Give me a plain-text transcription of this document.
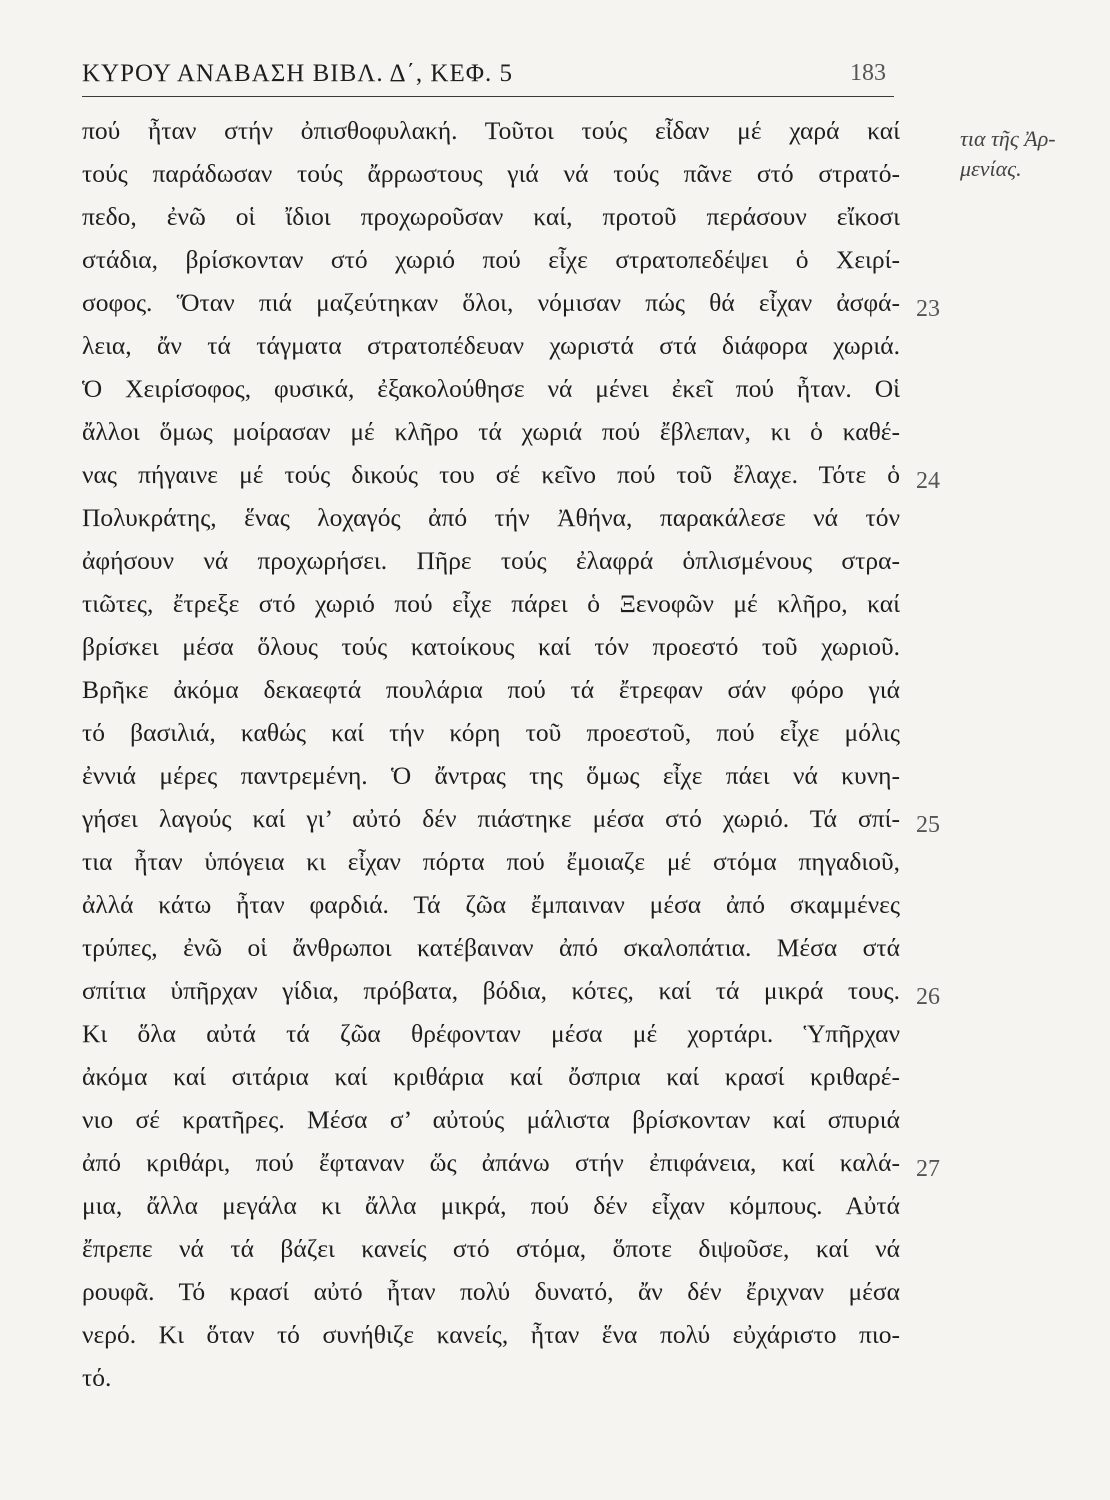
ΚΥΡΟΥ ΑΝΑΒΑΣΗ ΒΙΒΛ. Δ΄, ΚΕΦ. 5	183
πού ἦταν στήν ὀπισθοφυλακή. Τοῦτοι τούς εἶδαν μέ χαρά καί
τούς παράδωσαν τούς ἄρρωστους γιά νά τούς πᾶνε στό στρατό-
πεδο, ἐνῶ οἱ ἴδιοι προχωροῦσαν καί, προτοῦ περάσουν εἴκοσι
στάδια, βρίσκονταν στό χωριό πού εἶχε στρατοπεδέψει ὁ Χειρί-
σοφος. Ὅταν πιά μαζεύτηκαν ὅλοι, νόμισαν πώς θά εἶχαν ἀσφά-
λεια, ἄν τά τάγματα στρατοπέδευαν χωριστά στά διάφορα χωριά.
Ὁ Χειρίσοφος, φυσικά, ἐξακολούθησε νά μένει ἐκεῖ πού ἦταν. Οἱ
ἄλλοι ὅμως μοίρασαν μέ κλῆρο τά χωριά πού ἔβλεπαν, κι ὁ καθέ-
νας πήγαινε μέ τούς δικούς του σέ κεῖνο πού τοῦ ἔλαχε. Τότε ὁ
Πολυκράτης, ἕνας λοχαγός ἀπό τήν Ἀθήνα, παρακάλεσε νά τόν
ἀφήσουν νά προχωρήσει. Πῆρε τούς ἐλαφρά ὁπλισμένους στρα-
τιῶτες, ἔτρεξε στό χωριό πού εἶχε πάρει ὁ Ξενοφῶν μέ κλῆρο, καί
βρίσκει μέσα ὅλους τούς κατοίκους καί τόν προεστό τοῦ χωριοῦ.
Βρῆκε ἀκόμα δεκαεφτά πουλάρια πού τά ἔτρεφαν σάν φόρο γιά
τό βασιλιά, καθώς καί τήν κόρη τοῦ προεστοῦ, πού εἶχε μόλις
ἐννιά μέρες παντρεμένη. Ὁ ἄντρας της ὅμως εἶχε πάει νά κυνη-
γήσει λαγούς καί γι’ αὐτό δέν πιάστηκε μέσα στό χωριό. Τά σπί-
τια ἦταν ὑπόγεια κι εἶχαν πόρτα πού ἔμοιαζε μέ στόμα πηγαδιοῦ,
ἀλλά κάτω ἦταν φαρδιά. Τά ζῶα ἔμπαιναν μέσα ἀπό σκαμμένες
τρύπες, ἐνῶ οἱ ἄνθρωποι κατέβαιναν ἀπό σκαλοπάτια. Μέσα στά
σπίτια ὑπῆρχαν γίδια, πρόβατα, βόδια, κότες, καί τά μικρά τους.
Κι ὅλα αὐτά τά ζῶα θρέφονταν μέσα μέ χορτάρι. Ὑπῆρχαν
ἀκόμα καί σιτάρια καί κριθάρια καί ὄσπρια καί κρασί κριθαρέ-
νιο σέ κρατῆρες. Μέσα σ’ αὐτούς μάλιστα βρίσκονταν καί σπυριά
ἀπό κριθάρι, πού ἔφταναν ὥς ἀπάνω στήν ἐπιφάνεια, καί καλά-
μια, ἄλλα μεγάλα κι ἄλλα μικρά, πού δέν εἶχαν κόμπους. Αὐτά
ἔπρεπε νά τά βάζει κανείς στό στόμα, ὅποτε διψοῦσε, καί νά
ρουφᾶ. Τό κρασί αὐτό ἦταν πολύ δυνατό, ἄν δέν ἔριχναν μέσα
νερό. Κι ὅταν τό συνήθιζε κανείς, ἦταν ἕνα πολύ εὐχάριστο πιο-
τό.
23
24
25
26
27
τια τῆς Ἀρ-
μενίας.
